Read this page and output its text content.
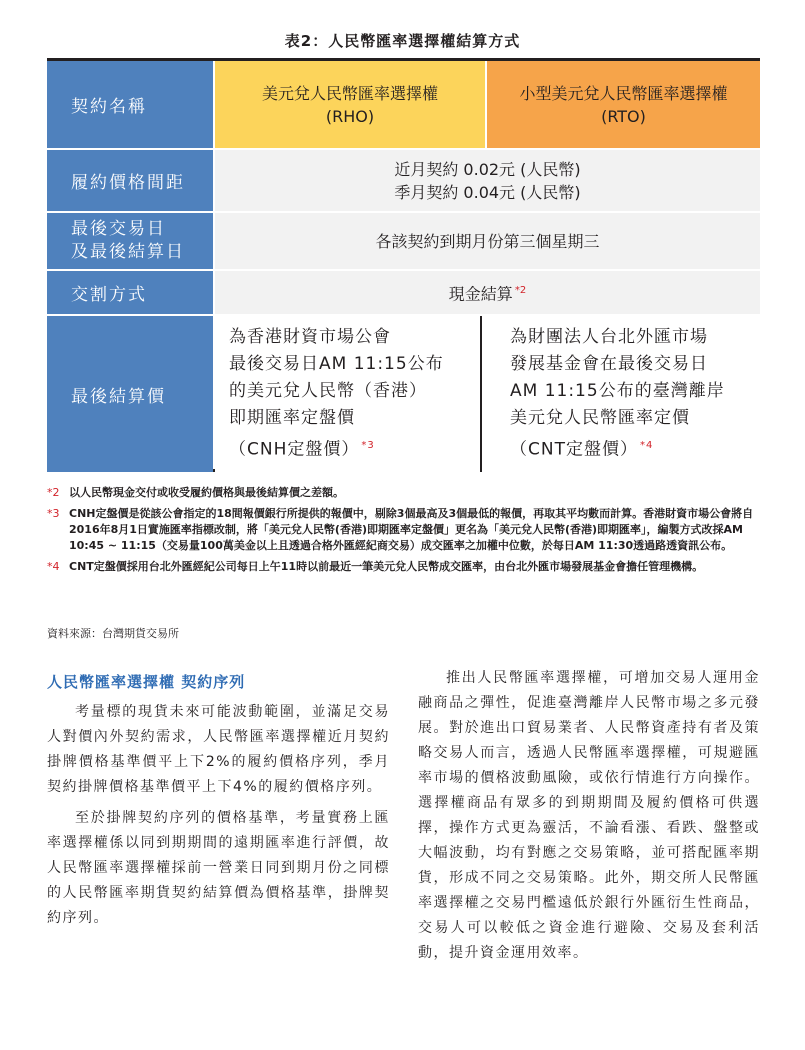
表2：人民幣匯率選擇權結算方式
契約名稱
美元兌人民幣匯率選擇權
(RHO)
小型美元兌人民幣匯率選擇權
(RTO)
履約價格間距
近月契約 0.02元 (人民幣)
季月契約 0.04元 (人民幣)
最後交易日
及最後結算日
各該契約到期月份第三個星期三
交割方式	現金結算 $^{*2}$
最後結算價
為香港財資市場公會
最後交易日AM 11:15公布
的美元兌人民幣（香港）
即期匯率定盤價
（CNH定盤價） $^{*3}$
為財團法人台北外匯市場
發展基金會在最後交易日
AM 11:15公布的臺灣離岸
美元兌人民幣匯率定價
（CNT定盤價） $^{*4}$
*2 以人民幣現金交付或收受履約價格與最後結算價之差額。
*3 CNH定盤價是從該公會指定的18間報價銀行所提供的報價中，剔除3個最高及3個最低的報價，再取其平均數而計算。香港財資市場公會將自2016年8月1日實施匯率指標改制，將「美元兌人民幣(香港)即期匯率定盤價」更名為「美元兌人民幣(香港)即期匯率」，編製方式改採AM 10:45 ~ 11:15（交易量100萬美金以上且透過合格外匯經紀商交易）成交匯率之加權中位數，於每日AM 11:30透過路透資訊公布。
*4 CNT定盤價採用台北外匯經紀公司每日上午11時以前最近一筆美元兌人民幣成交匯率，由台北外匯市場發展基金會擔任管理機構。
資料來源：台灣期貨交易所
人民幣匯率選擇權 契約序列

考量標的現貨未來可能波動範圍，並滿足交易人對價內外契約需求，人民幣匯率選擇權近月契約掛牌價格基準價平上下2%的履約價格序列，季月契約掛牌價格基準價平上下4%的履約價格序列。

至於掛牌契約序列的價格基準，考量實務上匯率選擇權係以同到期期間的遠期匯率進行評價，故人民幣匯率選擇權採前一營業日同到期月份之同標的人民幣匯率期貨契約結算價為價格基準，掛牌契約序列。

推出人民幣匯率選擇權，可增加交易人運用金融商品之彈性，促進臺灣離岸人民幣市場之多元發展。對於進出口貿易業者、人民幣資產持有者及策略交易人而言，透過人民幣匯率選擇權，可規避匯率市場的價格波動風險，或依行情進行方向操作。選擇權商品有眾多的到期期間及履約價格可供選擇，操作方式更為靈活，不論看漲、看跌、盤整或大幅波動，均有對應之交易策略，並可搭配匯率期貨，形成不同之交易策略。此外，期交所人民幣匯率選擇權之交易門檻遠低於銀行外匯衍生性商品，交易人可以較低之資金進行避險、交易及套利活動，提升資金運用效率。
